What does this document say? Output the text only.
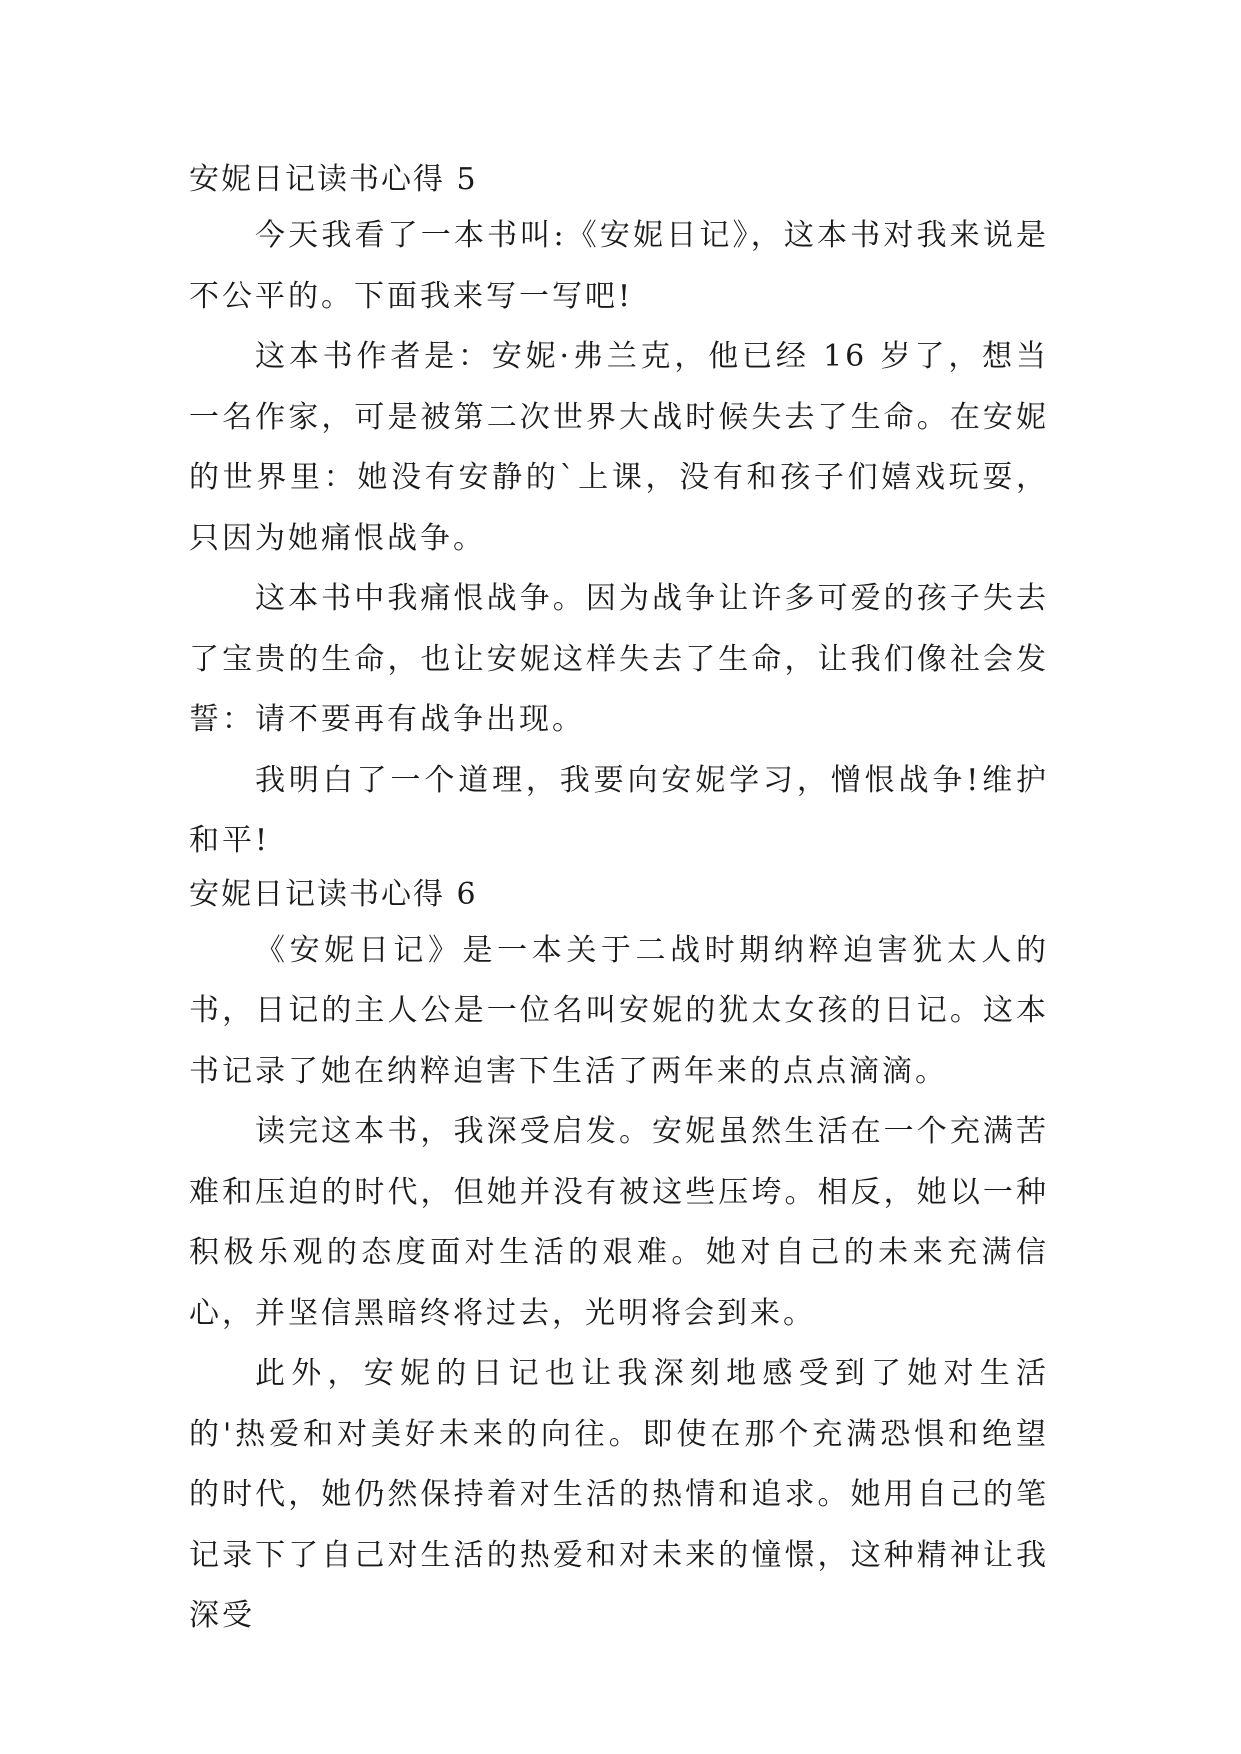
安妮日记读书心得 5

今天我看了一本书叫:《安妮日记》，这本书对我来说是不公平的。下面我来写一写吧!

这本书作者是：安妮·弗兰克，他已经 16 岁了，想当一名作家，可是被第二次世界大战时候失去了生命。在安妮的世界里：她没有安静的`上课，没有和孩子们嬉戏玩耍，只因为她痛恨战争。

这本书中我痛恨战争。因为战争让许多可爱的孩子失去了宝贵的生命，也让安妮这样失去了生命，让我们像社会发誓：请不要再有战争出现。

我明白了一个道理，我要向安妮学习，憎恨战争!维护和平!

安妮日记读书心得 6

《安妮日记》是一本关于二战时期纳粹迫害犹太人的书，日记的主人公是一位名叫安妮的犹太女孩的日记。这本书记录了她在纳粹迫害下生活了两年来的点点滴滴。

读完这本书，我深受启发。安妮虽然生活在一个充满苦难和压迫的时代，但她并没有被这些压垮。相反，她以一种积极乐观的态度面对生活的艰难。她对自己的未来充满信心，并坚信黑暗终将过去，光明将会到来。

此外，安妮的日记也让我深刻地感受到了她对生活的'热爱和对美好未来的向往。即使在那个充满恐惧和绝望的时代，她仍然保持着对生活的热情和追求。她用自己的笔记录下了自己对生活的热爱和对未来的憧憬，这种精神让我深受
